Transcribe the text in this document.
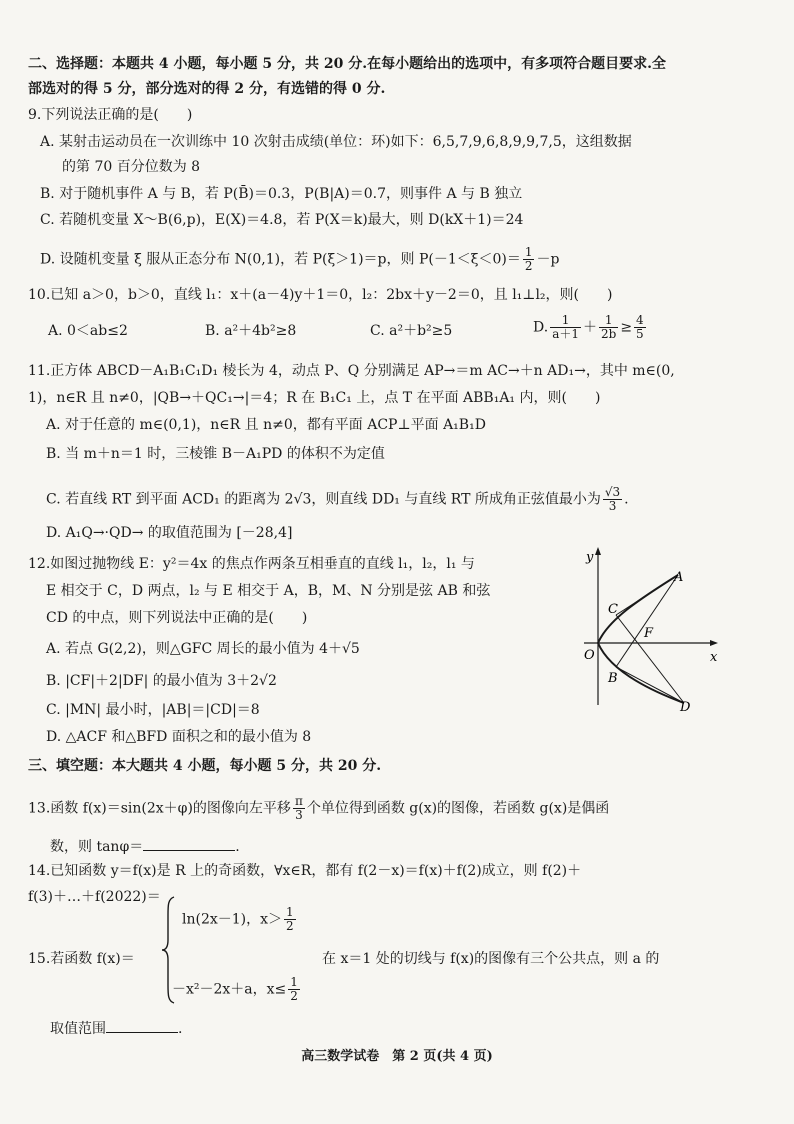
二、选择题：本题共 4 小题，每小题 5 分，共 20 分.在每小题给出的选项中，有多项符合题目要求.全
部选对的得 5 分，部分选对的得 2 分，有选错的得 0 分.
9.下列说法正确的是(　　)
A. 某射击运动员在一次训练中 10 次射击成绩(单位：环)如下：6,5,7,9,6,8,9,9,7,5，这组数据
的第 70 百分位数为 8
B. 对于随机事件 A 与 B，若 P(B̄)＝0.3，P(B|A)＝0.7，则事件 A 与 B 独立
C. 若随机变量 X～B(6,p)，E(X)＝4.8，若 P(X＝k)最大，则 D(kX＋1)＝24
D. 设随机变量 ξ 服从正态分布 N(0,1)，若 P(ξ＞1)＝p，则 $P(-1<\xi<0)= \frac{1}{2} -p$
10.已知 a＞0，b＞0，直线 l₁：x＋(a－4)y＋1＝0，l₂：2bx＋y－2＝0，且 l₁⊥l₂，则(　　)
A. 0＜ab≤2	B. a²＋4b²≥8	C. a²＋b²≥5	D. $\frac{1}{a+1} + \frac{1}{2b} \ge \frac{4}{5}$
11.正方体 ABCD－A₁B₁C₁D₁ 棱长为 4，动点 P、Q 分别满足 AP→＝m AC→＋n AD₁→，其中 m∈(0,
1)，n∈R 且 n≠0，|QB→＋QC₁→|＝4；R 在 B₁C₁ 上，点 T 在平面 ABB₁A₁ 内，则(　　)
A. 对于任意的 m∈(0,1)，n∈R 且 n≠0，都有平面 ACP⊥平面 A₁B₁D
B. 当 m＋n＝1 时，三棱锥 B－A₁PD 的体积不为定值
C. 若直线 RT 到平面 ACD₁ 的距离为 2√3，则直线 DD₁ 与直线 RT 所成角正弦值最小为 $\frac{√3}{3}$ .
D. A₁Q→·QD→ 的取值范围为 [－28,4]
12.如图过抛物线 E：y²＝4x 的焦点作两条互相垂直的直线 l₁，l₂，l₁ 与
E 相交于 C，D 两点，l₂ 与 E 相交于 A，B，M、N 分别是弦 AB 和弦
CD 的中点，则下列说法中正确的是(　　)
A. 若点 G(2,2)，则△GFC 周长的最小值为 4＋√5
B. |CF|＋2|DF| 的最小值为 3＋2√2
C. |MN| 最小时，|AB|＝|CD|＝8
D. △ACF 和△BFD 面积之和的最小值为 8
y
x
O
A
B
C
D
F
三、填空题：本大题共 4 小题，每小题 5 分，共 20 分.
13.函数 f(x)＝sin(2x＋φ)的图像向左平移 $\frac{\pi}{3}$ 个单位得到函数 g(x)的图像，若函数 g(x)是偶函
数，则 tanφ＝	.
14.已知函数 y＝f(x)是 R 上的奇函数，∀x∈R，都有 f(2－x)＝f(x)＋f(2)成立，则 f(2)＋
f(3)＋…＋f(2022)＝
15.若函数 f(x)＝
ln(2x－1)，$x> \frac{1}{2}$
－x²－2x＋a，$x\le \frac{1}{2}$
在 x＝1 处的切线与 f(x)的图像有三个公共点，则 a 的
取值范围	.
高三数学试卷　第 2 页(共 4 页)
